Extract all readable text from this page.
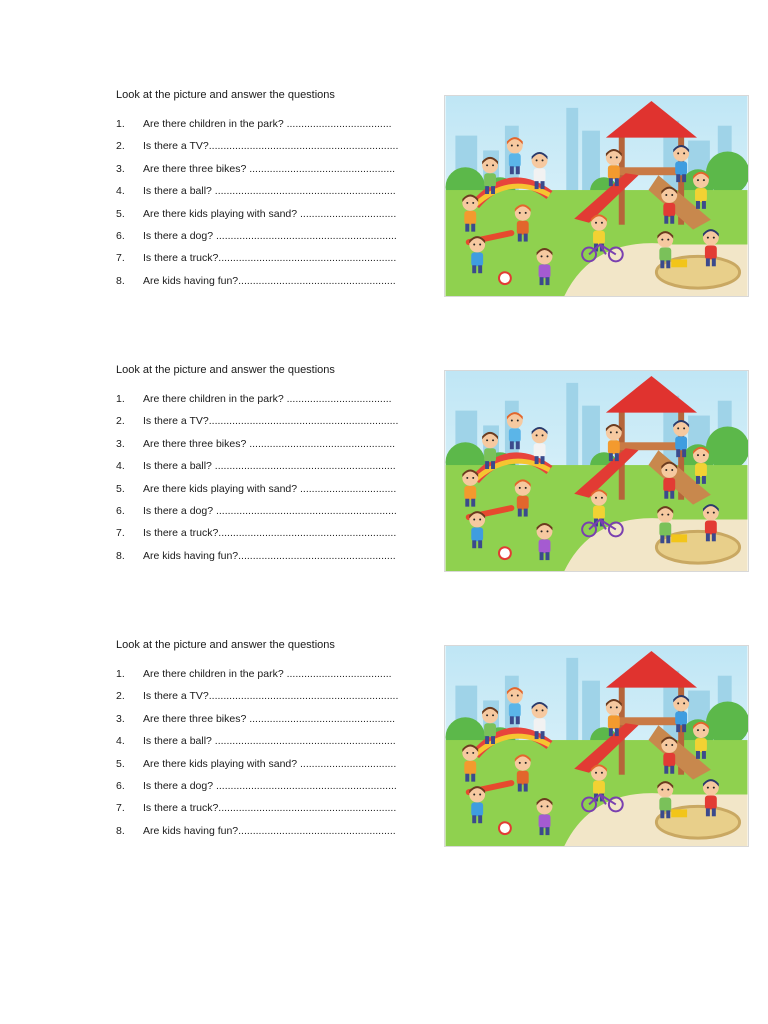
Look at the picture and answer the questions
1.	Are there children in the park? ....................................
2.	Is there a TV?.................................................................
3.	Are there three bikes? ..................................................
4.	Is there a ball? ..............................................................
5.	Are there kids playing with sand? .................................
6.	Is there a dog? ..............................................................
7.	Is there a truck?.............................................................
8.	Are kids having fun?......................................................
Look at the picture and answer the questions
1.	Are there children in the park? ....................................
2.	Is there a TV?.................................................................
3.	Are there three bikes? ..................................................
4.	Is there a ball? ..............................................................
5.	Are there kids playing with sand? .................................
6.	Is there a dog? ..............................................................
7.	Is there a truck?.............................................................
8.	Are kids having fun?......................................................
Look at the picture and answer the questions
1.	Are there children in the park? ....................................
2.	Is there a TV?.................................................................
3.	Are there three bikes? ..................................................
4.	Is there a ball? ..............................................................
5.	Are there kids playing with sand? .................................
6.	Is there a dog? ..............................................................
7.	Is there a truck?.............................................................
8.	Are kids having fun?......................................................
